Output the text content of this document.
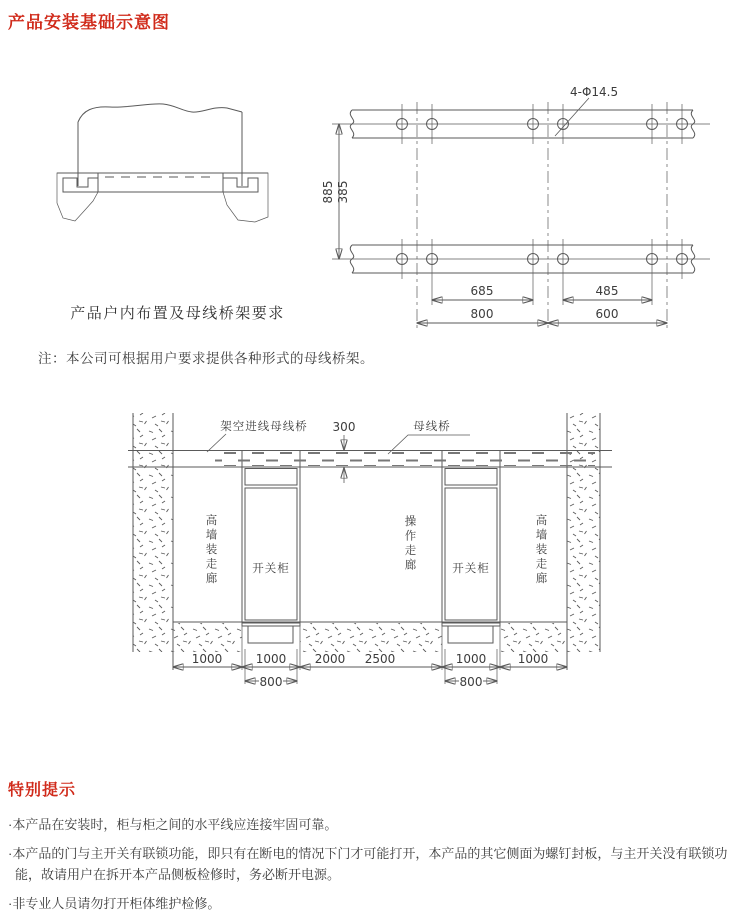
产品安装基础示意图
产品户内布置及母线桥架要求
注：本公司可根据用户要求提供各种形式的母线桥架。
4-Φ14.5
885 385
685	485
800	600
架空进线母线桥	母线桥
300
开关柜	开关柜
1000	1000 2000 2500	1000	1000
800	800
高墙装走廊	操作走廊	高墙装走廊
特别提示
·本产品在安装时，柜与柜之间的水平线应连接牢固可靠。
·本产品的门与主开关有联锁功能，即只有在断电的情况下门才可能打开，本产品的其它侧面为螺钉封板，与主开关没有联锁功能，故请用户在拆开本产品侧板检修时，务必断开电源。
·非专业人员请勿打开柜体维护检修。
